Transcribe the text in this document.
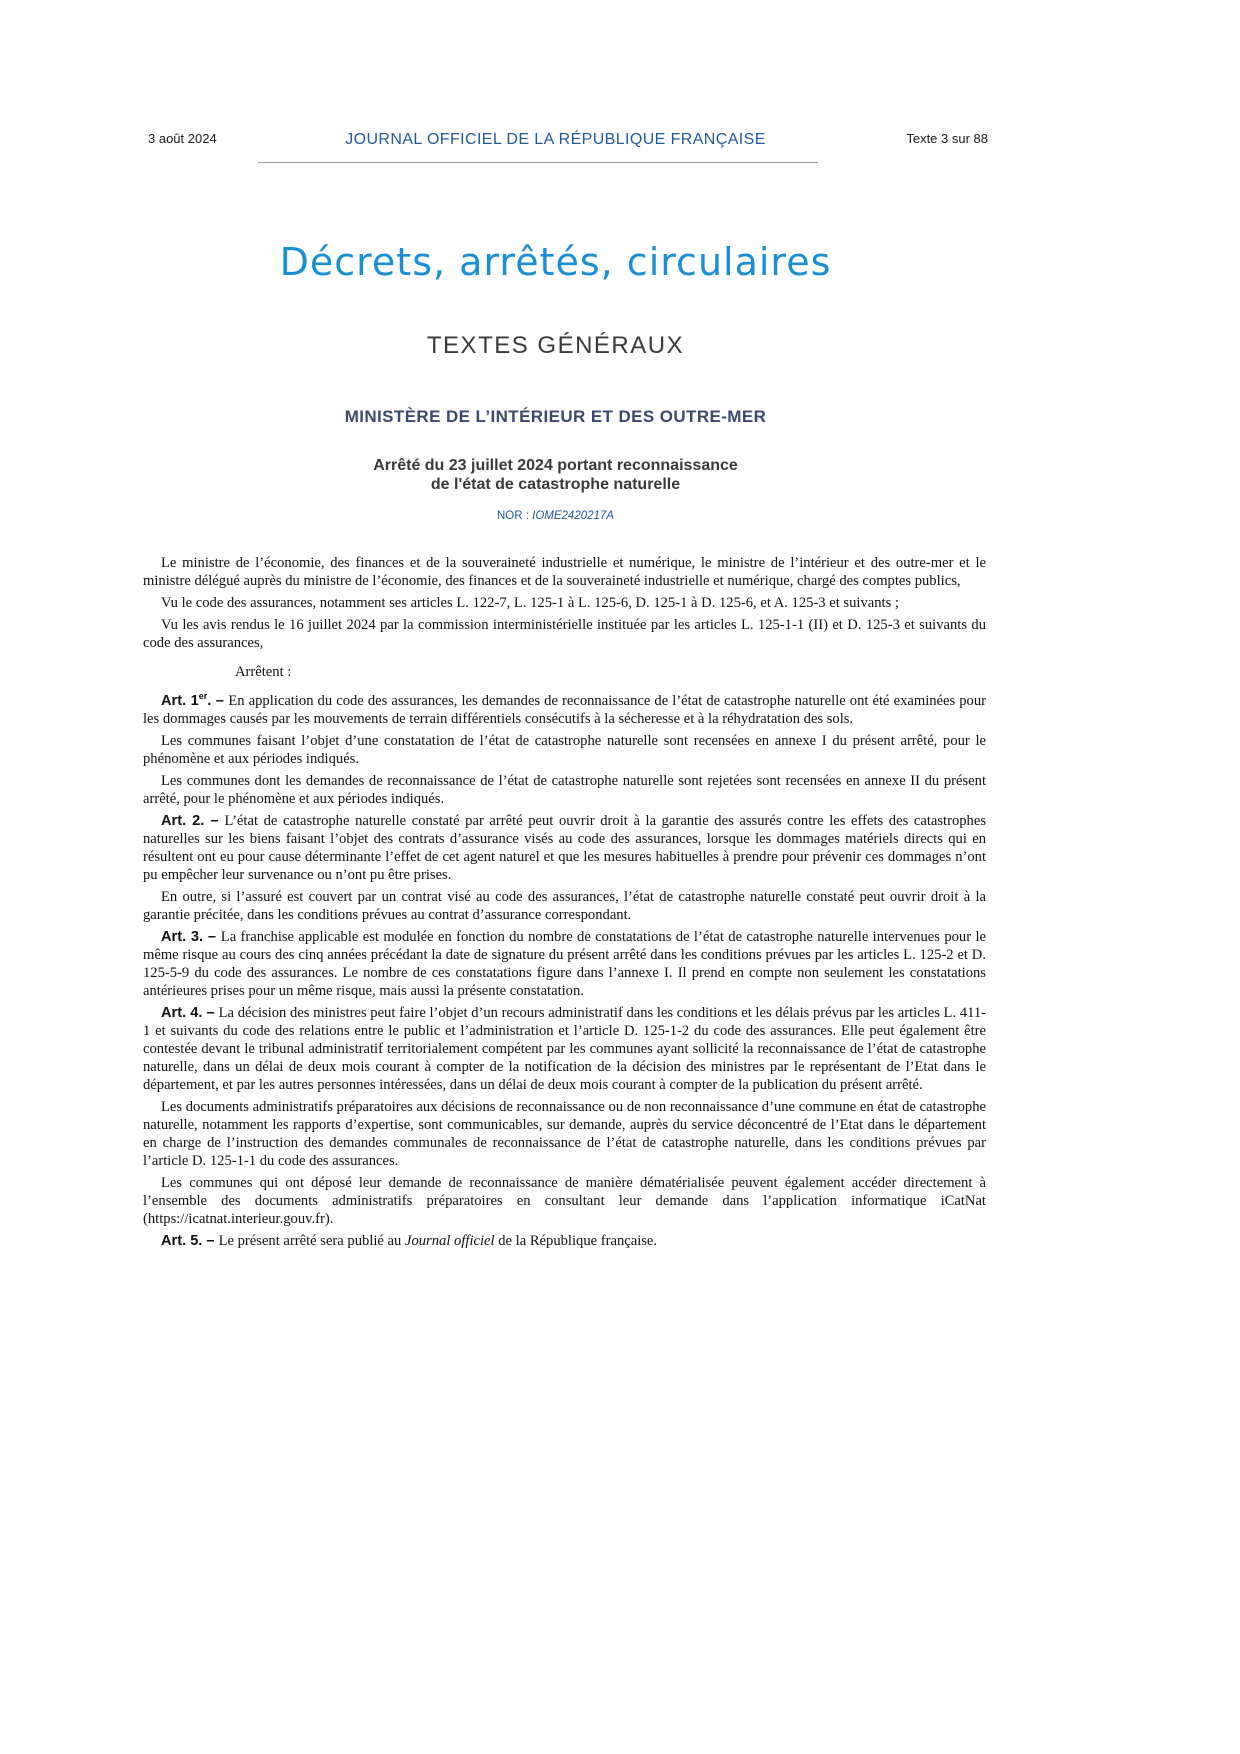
3 août 2024	JOURNAL OFFICIEL DE LA RÉPUBLIQUE FRANÇAISE	Texte 3 sur 88
Décrets, arrêtés, circulaires
TEXTES GÉNÉRAUX
MINISTÈRE DE L’INTÉRIEUR ET DES OUTRE-MER
Arrêté du 23 juillet 2024 portant reconnaissance
de l'état de catastrophe naturelle
NOR : IOME2420217A

Le ministre de l’économie, des finances et de la souveraineté industrielle et numérique, le ministre de l’intérieur et des outre-mer et le ministre délégué auprès du ministre de l’économie, des finances et de la souveraineté industrielle et numérique, chargé des comptes publics,

Vu le code des assurances, notamment ses articles L. 122-7, L. 125-1 à L. 125-6, D. 125-1 à D. 125-6, et A. 125-3 et suivants ;

Vu les avis rendus le 16 juillet 2024 par la commission interministérielle instituée par les articles L. 125-1-1 (II) et D. 125-3 et suivants du code des assurances,

Arrêtent :

Art. 1er. – En application du code des assurances, les demandes de reconnaissance de l’état de catastrophe naturelle ont été examinées pour les dommages causés par les mouvements de terrain différentiels consécutifs à la sécheresse et à la réhydratation des sols.

Les communes faisant l’objet d’une constatation de l’état de catastrophe naturelle sont recensées en annexe I du présent arrêté, pour le phénomène et aux périodes indiqués.

Les communes dont les demandes de reconnaissance de l’état de catastrophe naturelle sont rejetées sont recensées en annexe II du présent arrêté, pour le phénomène et aux périodes indiqués.

Art. 2. – L’état de catastrophe naturelle constaté par arrêté peut ouvrir droit à la garantie des assurés contre les effets des catastrophes naturelles sur les biens faisant l’objet des contrats d’assurance visés au code des assurances, lorsque les dommages matériels directs qui en résultent ont eu pour cause déterminante l’effet de cet agent naturel et que les mesures habituelles à prendre pour prévenir ces dommages n’ont pu empêcher leur survenance ou n’ont pu être prises.

En outre, si l’assuré est couvert par un contrat visé au code des assurances, l’état de catastrophe naturelle constaté peut ouvrir droit à la garantie précitée, dans les conditions prévues au contrat d’assurance correspondant.

Art. 3. – La franchise applicable est modulée en fonction du nombre de constatations de l’état de catastrophe naturelle intervenues pour le même risque au cours des cinq années précédant la date de signature du présent arrêté dans les conditions prévues par les articles L. 125-2 et D. 125-5-9 du code des assurances. Le nombre de ces constatations figure dans l’annexe I. Il prend en compte non seulement les constatations antérieures prises pour un même risque, mais aussi la présente constatation.

Art. 4. – La décision des ministres peut faire l’objet d’un recours administratif dans les conditions et les délais prévus par les articles L. 411-1 et suivants du code des relations entre le public et l’administration et l’article D. 125-1-2 du code des assurances. Elle peut également être contestée devant le tribunal administratif territorialement compétent par les communes ayant sollicité la reconnaissance de l’état de catastrophe naturelle, dans un délai de deux mois courant à compter de la notification de la décision des ministres par le représentant de l’Etat dans le département, et par les autres personnes intéressées, dans un délai de deux mois courant à compter de la publication du présent arrêté.

Les documents administratifs préparatoires aux décisions de reconnaissance ou de non reconnaissance d’une commune en état de catastrophe naturelle, notamment les rapports d’expertise, sont communicables, sur demande, auprès du service déconcentré de l’Etat dans le département en charge de l’instruction des demandes communales de reconnaissance de l’état de catastrophe naturelle, dans les conditions prévues par l’article D. 125-1-1 du code des assurances.

Les communes qui ont déposé leur demande de reconnaissance de manière dématérialisée peuvent également accéder directement à l’ensemble des documents administratifs préparatoires en consultant leur demande dans l’application informatique iCatNat (https://icatnat.interieur.gouv.fr).

Art. 5. – Le présent arrêté sera publié au Journal officiel de la République française.
